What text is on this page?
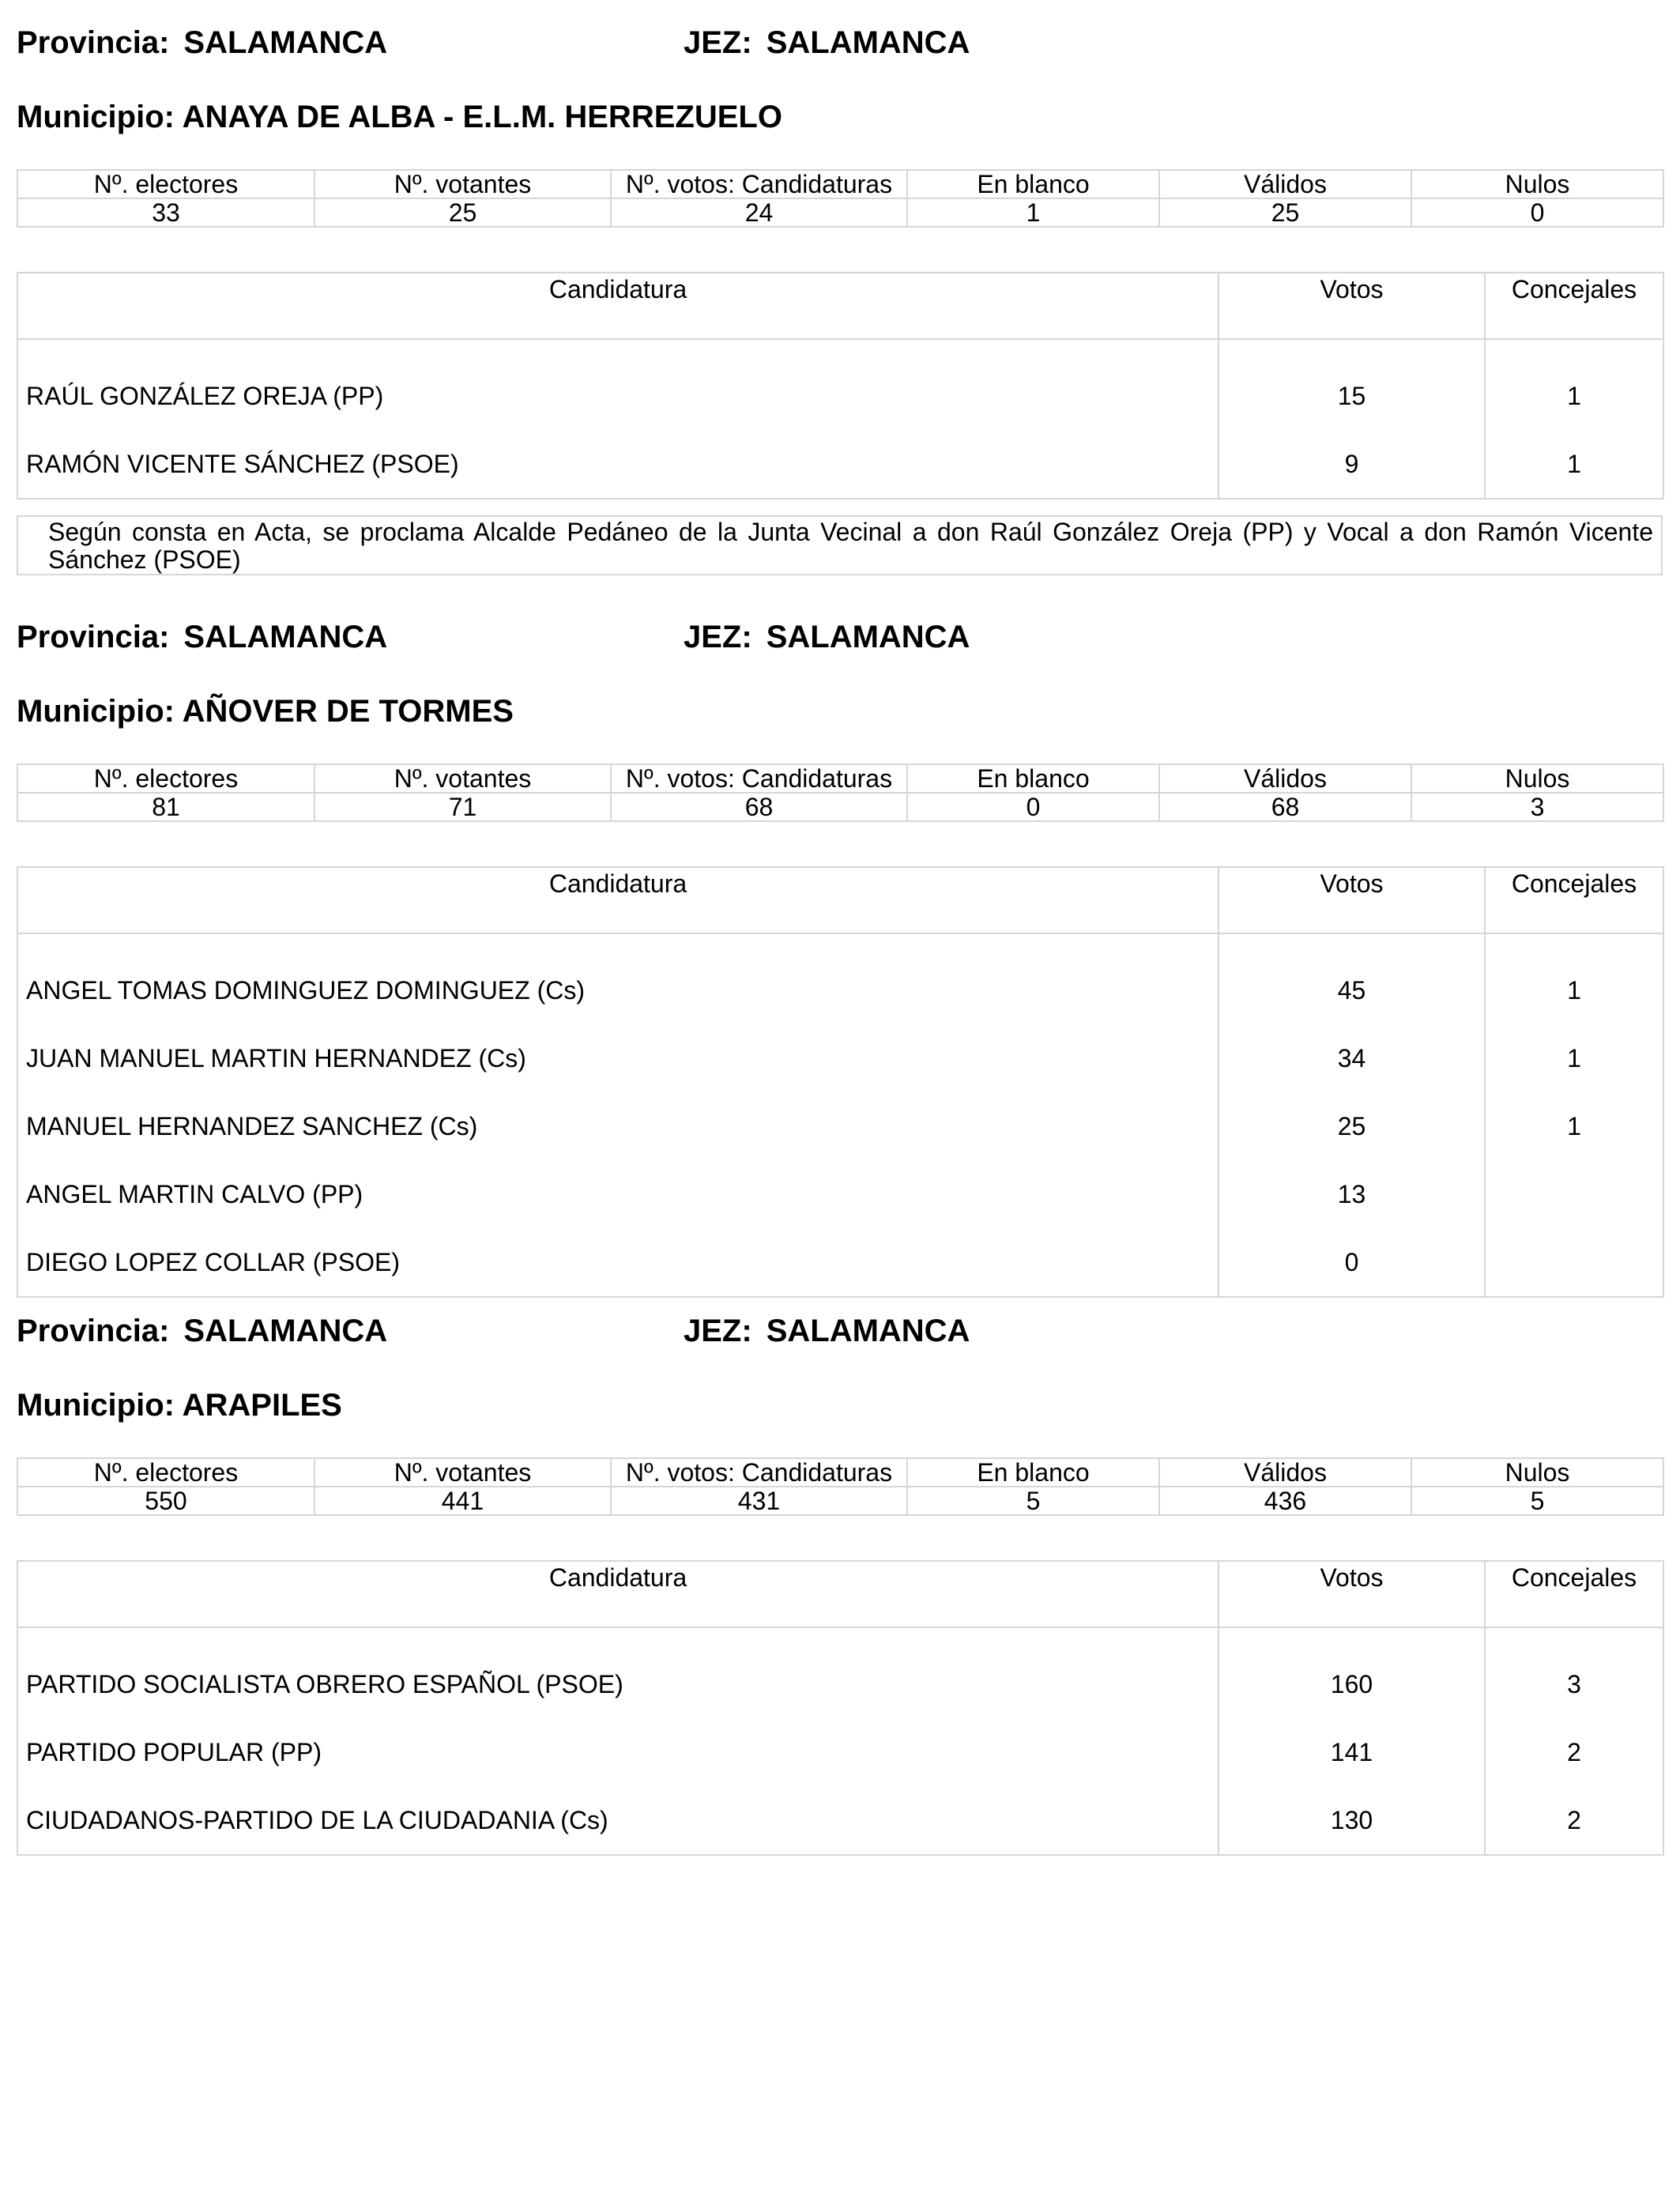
Provincia: SALAMANCA	JEZ: SALAMANCA
Municipio: ANAYA DE ALBA - E.L.M. HERREZUELO
Nº. electores	Nº. votantes	Nº. votos: Candidaturas	En blanco	Válidos	Nulos
33	25	24	1	25	0
Candidatura	Votos	Concejales

RAÚL GONZÁLEZ OREJA (PP)	15	1
RAMÓN VICENTE SÁNCHEZ (PSOE)	9	1
Según consta en Acta, se proclama Alcalde Pedáneo de la Junta Vecinal a don Raúl González Oreja (PP) y Vocal a don Ramón Vicente Sánchez (PSOE)
Provincia: SALAMANCA	JEZ: SALAMANCA
Municipio: AÑOVER DE TORMES
Nº. electores	Nº. votantes	Nº. votos: Candidaturas	En blanco	Válidos	Nulos
81	71	68	0	68	3
Candidatura	Votos	Concejales

ANGEL TOMAS DOMINGUEZ DOMINGUEZ (Cs)	45	1
JUAN MANUEL MARTIN HERNANDEZ (Cs)	34	1
MANUEL HERNANDEZ SANCHEZ (Cs)	25	1
ANGEL MARTIN CALVO (PP)	13	
DIEGO LOPEZ COLLAR (PSOE)	0	
Provincia: SALAMANCA	JEZ: SALAMANCA
Municipio: ARAPILES
Nº. electores	Nº. votantes	Nº. votos: Candidaturas	En blanco	Válidos	Nulos
550	441	431	5	436	5
Candidatura	Votos	Concejales

PARTIDO SOCIALISTA OBRERO ESPAÑOL (PSOE)	160	3
PARTIDO POPULAR (PP)	141	2
CIUDADANOS-PARTIDO DE LA CIUDADANIA (Cs)	130	2
